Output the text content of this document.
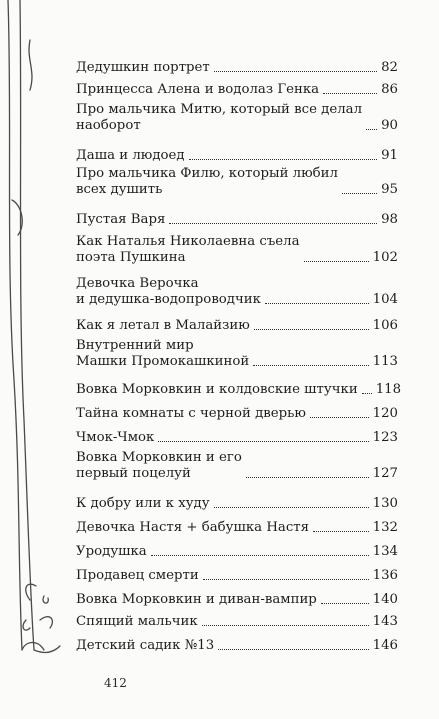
Дедушкин портрет	82
Принцесса Алена и водолаз Генка	86
Про мальчика Митю, который все делал
наоборот	90
Даша и людоед	91
Про мальчика Филю, который любил
всех душить	95
Пустая Варя	98
Как Наталья Николаевна съела
поэта Пушкина	102
Девочка Верочка
и дедушка-водопроводчик	104
Как я летал в Малайзию	106
Внутренний мир
Машки Промокашкиной	113
Вовка Морковкин и колдовские штучки 118
Тайна комнаты с черной дверью	120
Чмок-Чмок	123
Вовка Морковкин и его
первый поцелуй	127
К добру или к худу	130
Девочка Настя + бабушка Настя	132
Уродушка	134
Продавец смерти	136
Вовка Морковкин и диван-вампир	140
Спящий мальчик	143
Детский садик №13	146
412
